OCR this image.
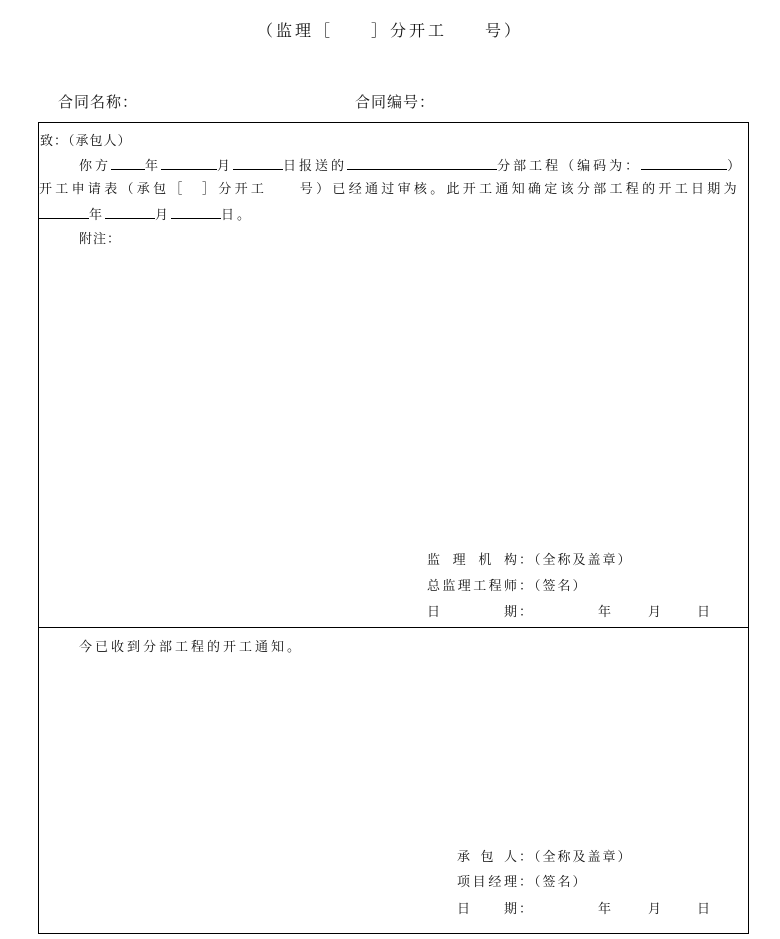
（监理［　　］分开工　　号）
合同名称：	合同编号：
致：（承包人）
你方	年	月	日报送的	分部工程（编码为：	）
开工申请表（承包［　］分开工　　号）已经通过审核。此开工通知确定该分部工程的开工日期为
年	月	日。
附注：
监 理 机 构 ：（全称及盖章）
总监理工程师 ：（签名）
日 期 ：	年	月	日
今已收到分部工程的开工通知。
承 包 人 ：（全称及盖章）
项目经理 ：（签名）
日 期 ：	年	月	日
